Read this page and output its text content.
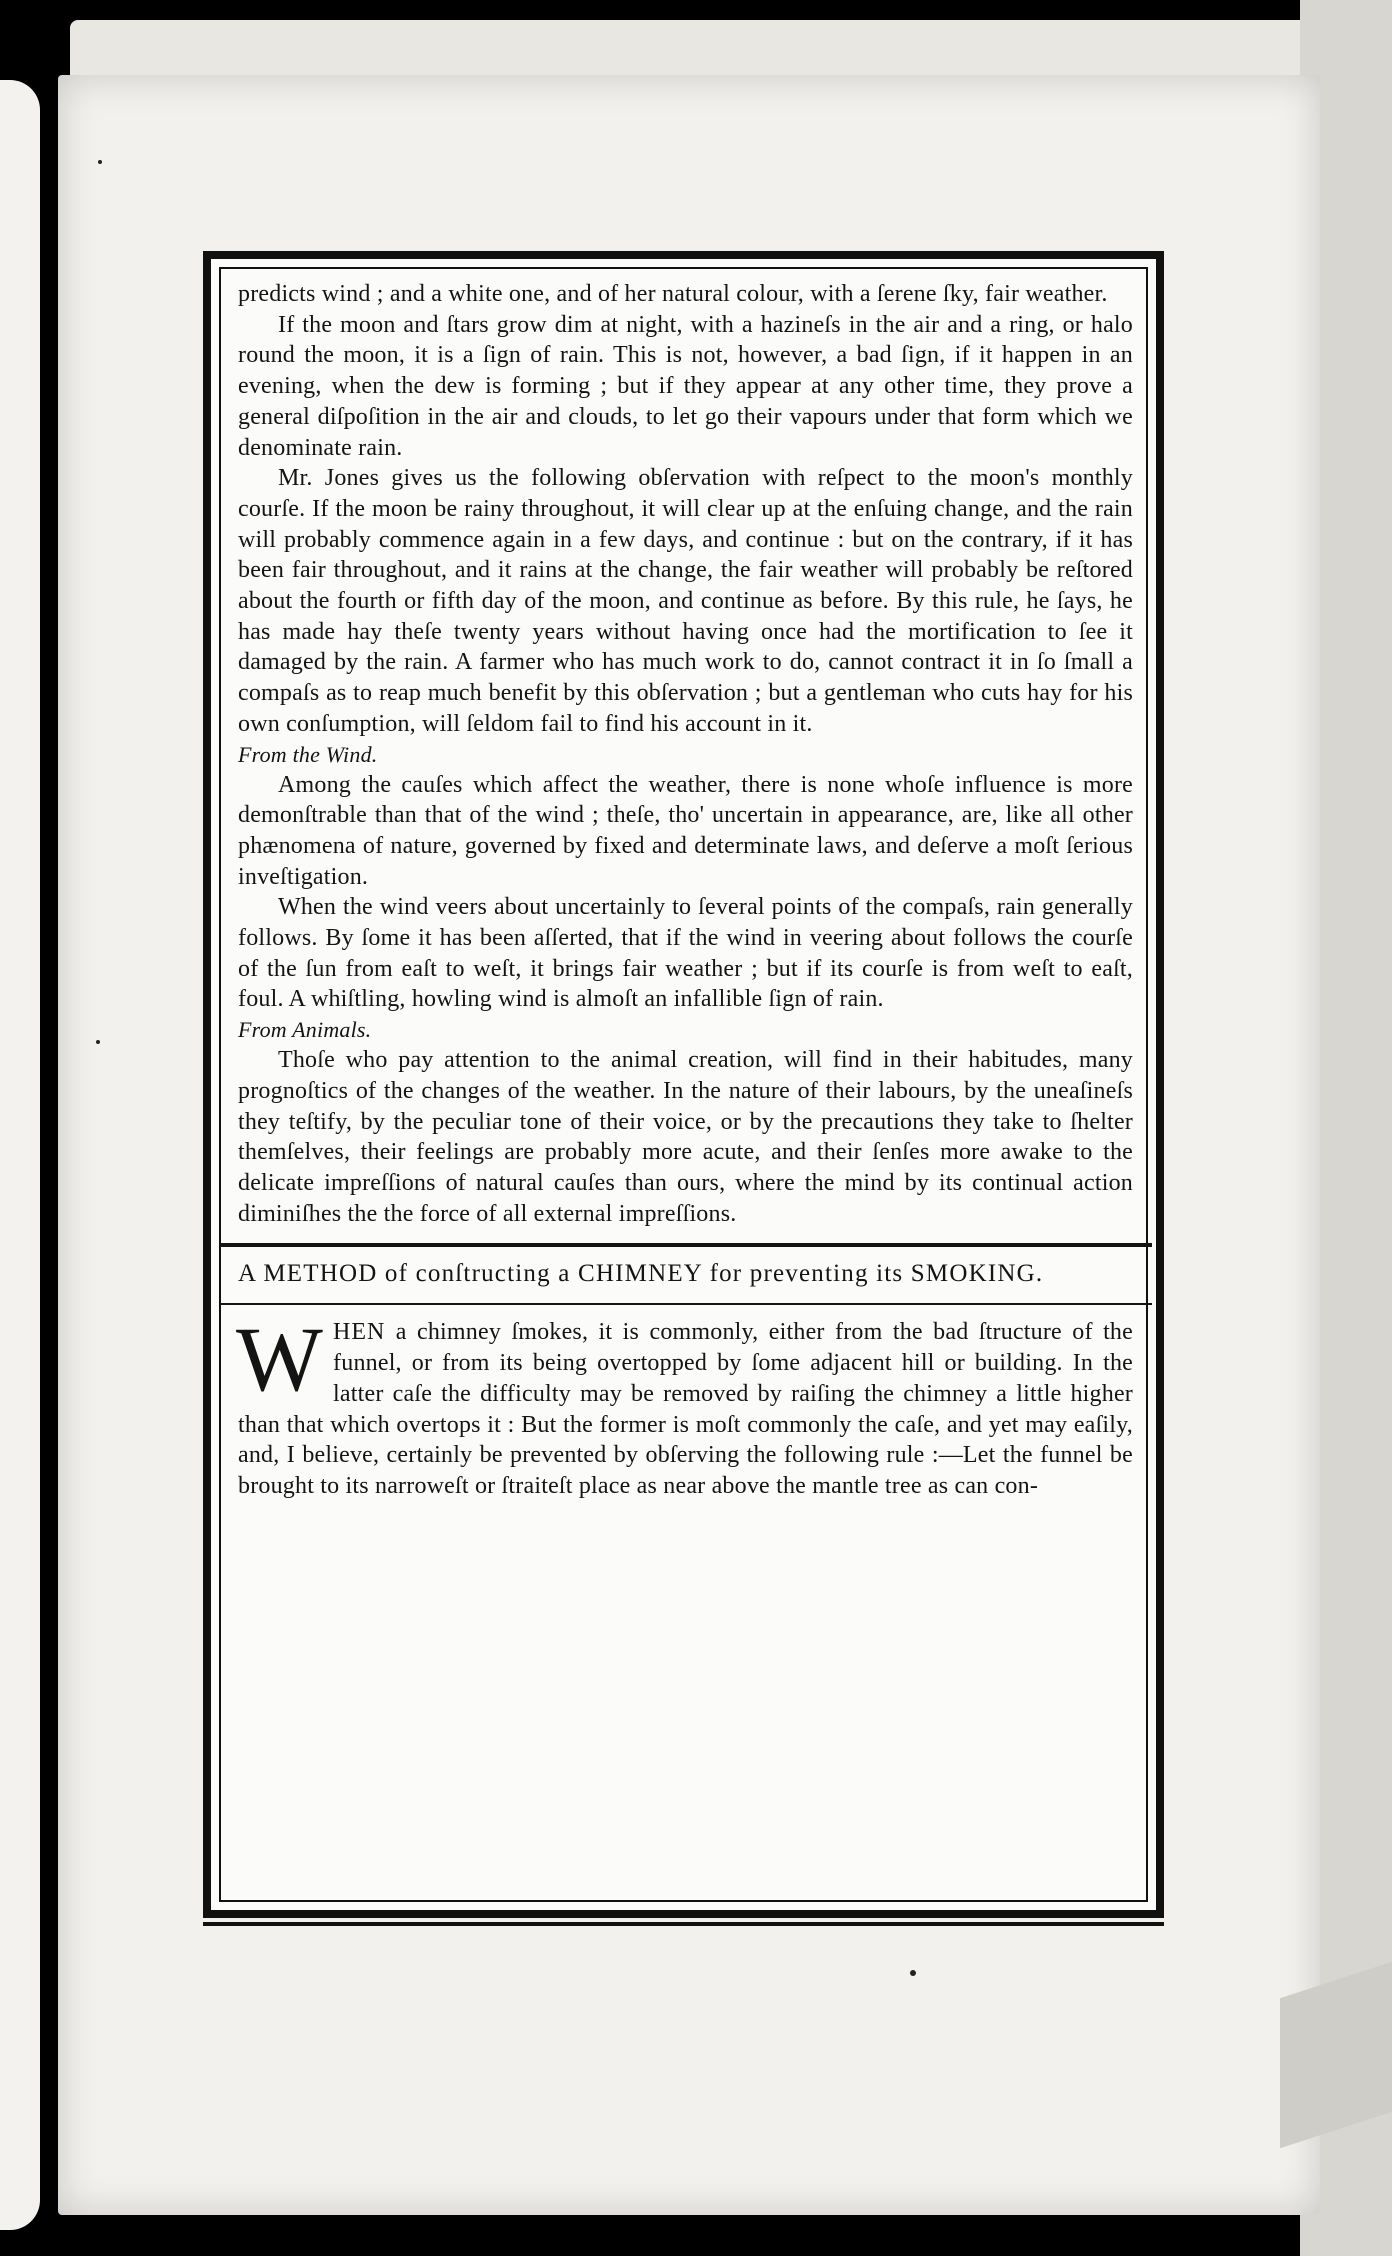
predicts wind ; and a white one, and of her natural colour, with a ſerene ſky, fair weather.

If the moon and ſtars grow dim at night, with a hazineſs in the air and a ring, or halo round the moon, it is a ſign of rain. This is not, however, a bad ſign, if it happen in an evening, when the dew is forming ; but if they appear at any other time, they prove a general diſpoſition in the air and clouds, to let go their vapours under that form which we denominate rain.

Mr. Jones gives us the following obſervation with reſpect to the moon's monthly courſe. If the moon be rainy throughout, it will clear up at the enſuing change, and the rain will probably commence again in a few days, and continue : but on the contrary, if it has been fair throughout, and it rains at the change, the fair weather will probably be reſtored about the fourth or fifth day of the moon, and continue as before. By this rule, he ſays, he has made hay theſe twenty years without having once had the mortification to ſee it damaged by the rain. A farmer who has much work to do, cannot contract it in ſo ſmall a compaſs as to reap much benefit by this obſervation ; but a gentleman who cuts hay for his own conſumption, will ſeldom fail to find his account in it.

From the Wind.

Among the cauſes which affect the weather, there is none whoſe influence is more demonſtrable than that of the wind ; theſe, tho' uncertain in appearance, are, like all other phænomena of nature, governed by fixed and determinate laws, and deſerve a moſt ſerious inveſtigation.

When the wind veers about uncertainly to ſeveral points of the compaſs, rain generally follows. By ſome it has been aſſerted, that if the wind in veering about follows the courſe of the ſun from eaſt to weſt, it brings fair weather ; but if its courſe is from weſt to eaſt, foul. A whiſtling, howling wind is almoſt an infallible ſign of rain.

From Animals.

Thoſe who pay attention to the animal creation, will find in their habitudes, many prognoſtics of the changes of the weather. In the nature of their labours, by the uneaſineſs they teſtify, by the peculiar tone of their voice, or by the precautions they take to ſhelter themſelves, their feelings are probably more acute, and their ſenſes more awake to the delicate impreſſions of natural cauſes than ours, where the mind by its continual action diminiſhes the the force of all external impreſſions.

A METHOD of conſtructing a CHIMNEY for preventing its SMOKING.

WHEN a chimney ſmokes, it is commonly, either from the bad ſtructure of the funnel, or from its being overtopped by ſome adjacent hill or building. In the latter caſe the difficulty may be removed by raiſing the chimney a little higher than that which overtops it : But the former is moſt commonly the caſe, and yet may eaſily, and, I believe, certainly be prevented by obſerving the following rule :—Let the funnel be brought to its narroweſt or ſtraiteſt place as near above the mantle tree as can con-
